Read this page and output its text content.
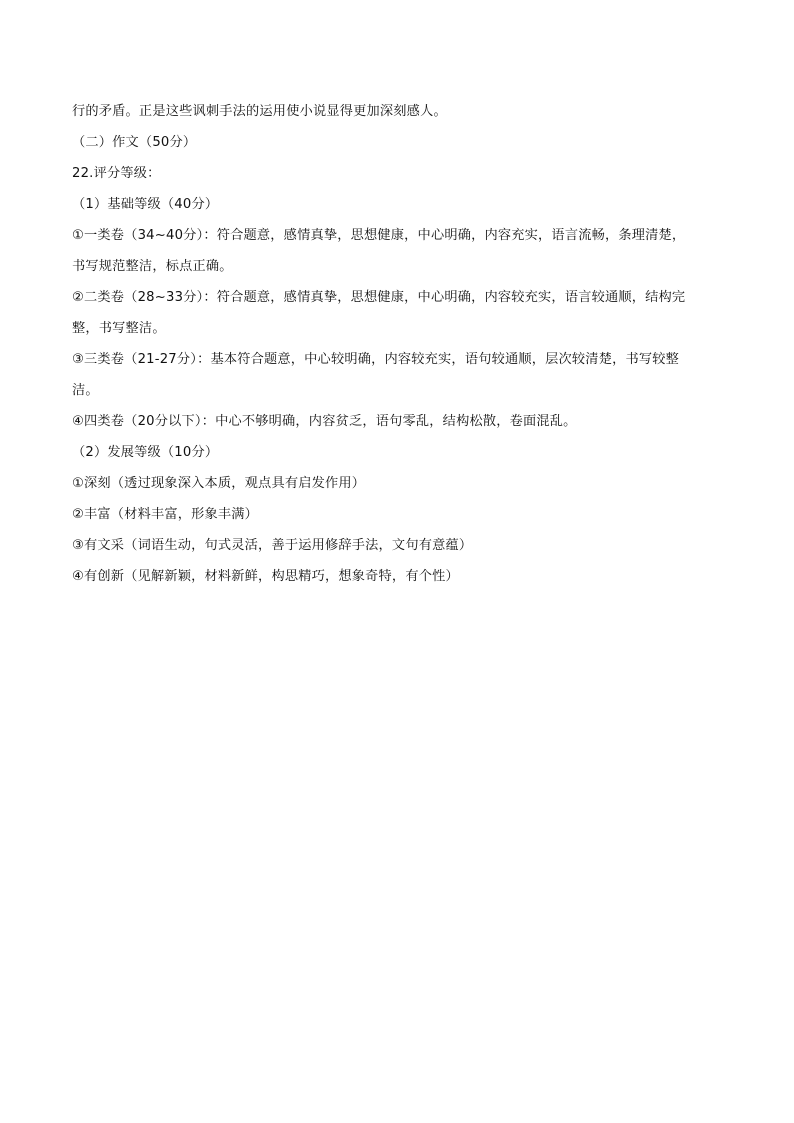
行的矛盾。正是这些讽刺手法的运用使小说显得更加深刻感人。
（二）作文（50分）
22.评分等级：
（1）基础等级（40分）
①一类卷（34~40分）：符合题意，感情真挚，思想健康，中心明确，内容充实，语言流畅，条理清楚，
书写规范整洁，标点正确。
②二类卷（28~33分）：符合题意，感情真挚，思想健康，中心明确，内容较充实，语言较通顺，结构完
整，书写整洁。
③三类卷（21-27分）：基本符合题意，中心较明确，内容较充实，语句较通顺，层次较清楚，书写较整
洁。
④四类卷（20分以下）：中心不够明确，内容贫乏，语句零乱，结构松散，卷面混乱。
（2）发展等级（10分）
①深刻（透过现象深入本质，观点具有启发作用）
②丰富（材料丰富，形象丰满）
③有文采（词语生动，句式灵活，善于运用修辞手法，文句有意蕴）
④有创新（见解新颖，材料新鲜，构思精巧，想象奇特，有个性）
